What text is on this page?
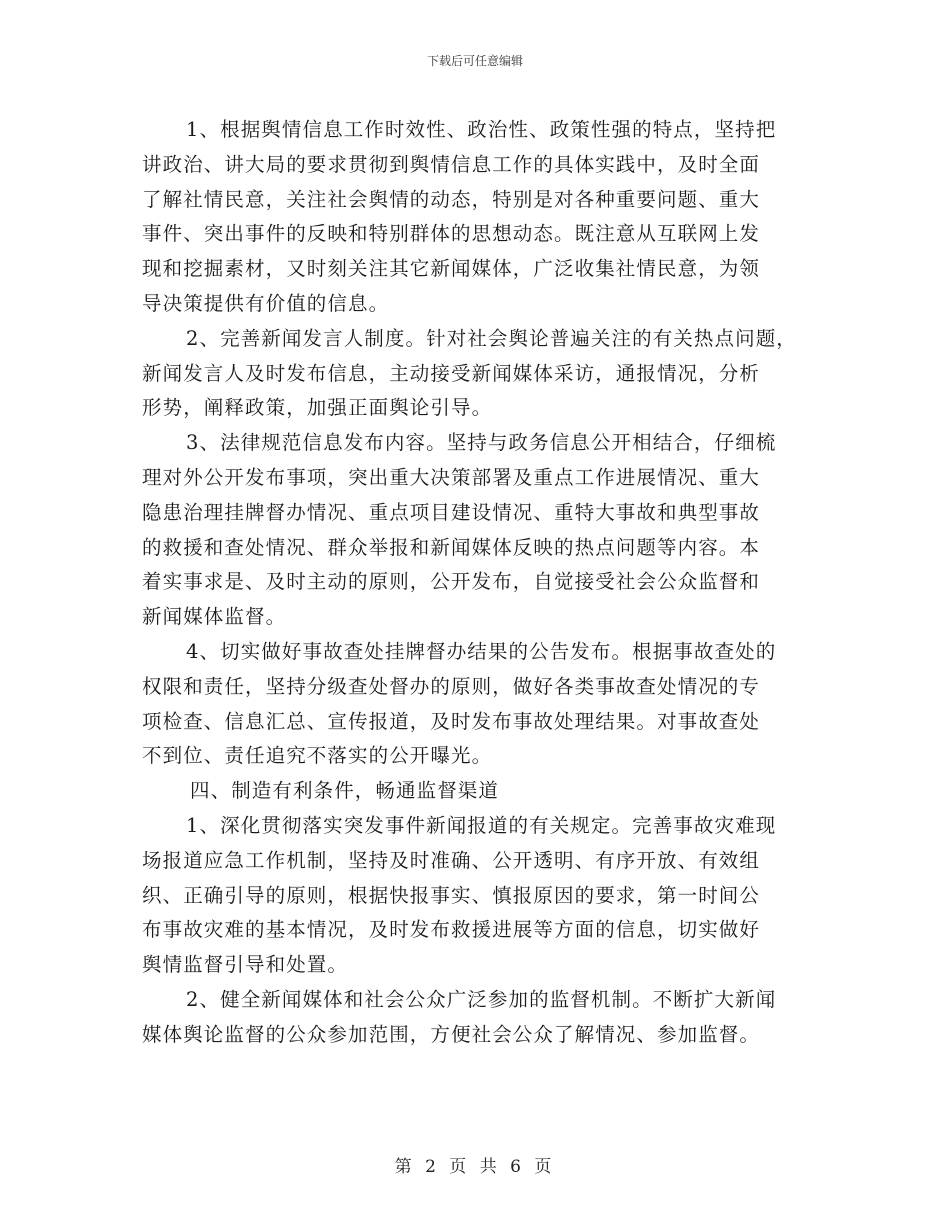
下载后可任意编辑
1、根据舆情信息工作时效性、政治性、政策性强的特点，坚持把
讲政治、讲大局的要求贯彻到舆情信息工作的具体实践中，及时全面
了解社情民意，关注社会舆情的动态，特别是对各种重要问题、重大
事件、突出事件的反映和特别群体的思想动态。既注意从互联网上发
现和挖掘素材，又时刻关注其它新闻媒体，广泛收集社情民意，为领
导决策提供有价值的信息。
2、完善新闻发言人制度。针对社会舆论普遍关注的有关热点问题，
新闻发言人及时发布信息，主动接受新闻媒体采访，通报情况，分析
形势，阐释政策，加强正面舆论引导。
3、法律规范信息发布内容。坚持与政务信息公开相结合，仔细梳
理对外公开发布事项，突出重大决策部署及重点工作进展情况、重大
隐患治理挂牌督办情况、重点项目建设情况、重特大事故和典型事故
的救援和查处情况、群众举报和新闻媒体反映的热点问题等内容。本
着实事求是、及时主动的原则，公开发布，自觉接受社会公众监督和
新闻媒体监督。
4、切实做好事故查处挂牌督办结果的公告发布。根据事故查处的
权限和责任，坚持分级查处督办的原则，做好各类事故查处情况的专
项检查、信息汇总、宣传报道，及时发布事故处理结果。对事故查处
不到位、责任追究不落实的公开曝光。
四、制造有利条件，畅通监督渠道
1、深化贯彻落实突发事件新闻报道的有关规定。完善事故灾难现
场报道应急工作机制，坚持及时准确、公开透明、有序开放、有效组
织、正确引导的原则，根据快报事实、慎报原因的要求，第一时间公
布事故灾难的基本情况，及时发布救援进展等方面的信息，切实做好
舆情监督引导和处置。
2、健全新闻媒体和社会公众广泛参加的监督机制。不断扩大新闻
媒体舆论监督的公众参加范围，方便社会公众了解情况、参加监督。
第 2 页 共 6 页
